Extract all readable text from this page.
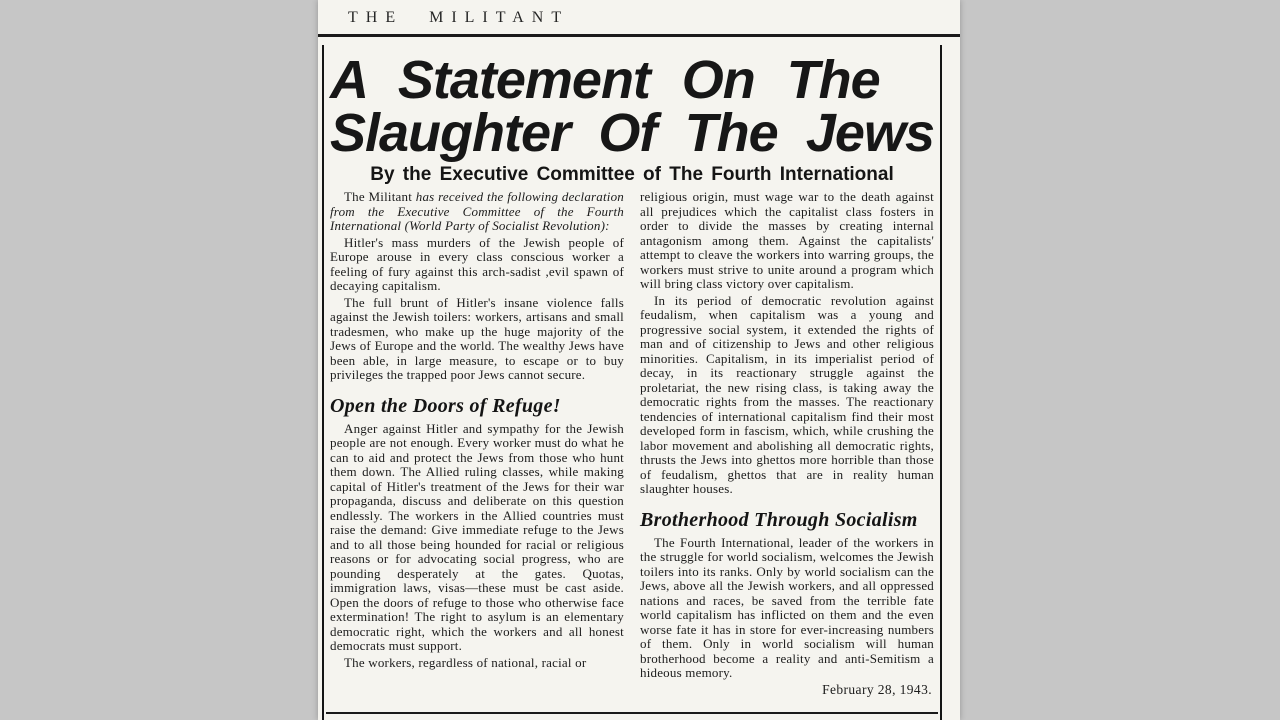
THE MILITANT
A Statement On The
Slaughter Of The Jews
By the Executive Committee of The Fourth International

The Militant has received the following declaration from the Executive Committee of the Fourth International (World Party of Socialist Revolution):

Hitler's mass murders of the Jewish people of Europe arouse in every class conscious worker a feeling of fury against this arch-sadist ,evil spawn of decaying capitalism.

The full brunt of Hitler's insane violence falls against the Jewish toilers: workers, artisans and small tradesmen, who make up the huge majority of the Jews of Europe and the world. The wealthy Jews have been able, in large measure, to escape or to buy privileges the trapped poor Jews cannot secure.

Open the Doors of Refuge!

Anger against Hitler and sympathy for the Jewish people are not enough. Every worker must do what he can to aid and protect the Jews from those who hunt them down. The Allied ruling classes, while making capital of Hitler's treatment of the Jews for their war propaganda, discuss and deliberate on this question endlessly. The workers in the Allied countries must raise the demand: Give immediate refuge to the Jews and to all those being hounded for racial or religious reasons or for advocating social progress, who are pounding desperately at the gates. Quotas, immigration laws, visas—these must be cast aside. Open the doors of refuge to those who otherwise face extermination! The right to asylum is an elementary democratic right, which the workers and all honest democrats must support.

The workers, regardless of national, racial or

religious origin, must wage war to the death against all prejudices which the capitalist class fosters in order to divide the masses by creating internal antagonism among them. Against the capitalists' attempt to cleave the workers into warring groups, the workers must strive to unite around a program which will bring class victory over capitalism.

In its period of democratic revolution against feudalism, when capitalism was a young and progressive social system, it extended the rights of man and of citizenship to Jews and other religious minorities. Capitalism, in its imperialist period of decay, in its reactionary struggle against the proletariat, the new rising class, is taking away the democratic rights from the masses. The reactionary tendencies of international capitalism find their most developed form in fascism, which, while crushing the labor movement and abolishing all democratic rights, thrusts the Jews into ghettos more horrible than those of feudalism, ghettos that are in reality human slaughter houses.

Brotherhood Through Socialism

The Fourth International, leader of the workers in the struggle for world socialism, welcomes the Jewish toilers into its ranks. Only by world socialism can the Jews, above all the Jewish workers, and all oppressed nations and races, be saved from the terrible fate world capitalism has inflicted on them and the even worse fate it has in store for ever-increasing numbers of them. Only in world socialism will human brotherhood become a reality and anti-Semitism a hideous memory.

February 28, 1943.
